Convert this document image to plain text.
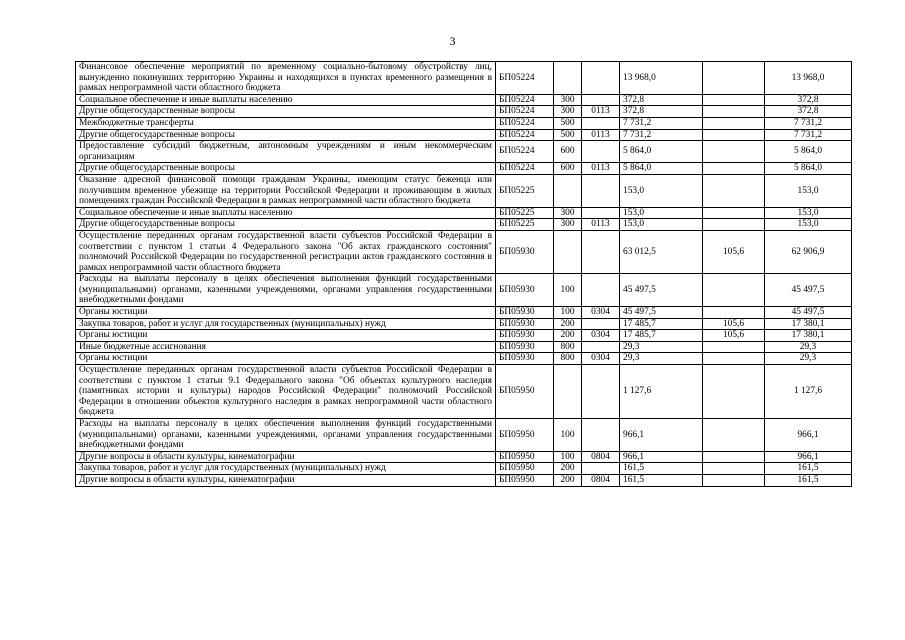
3
Финансовое обеспечение мероприятий по временному социально-бытовому обустройству лиц, вынужденно покинувших территорию Украины и находящихся в пунктах временного размещения в рамках непрограммной части областного бюджета	БП05224			13 968,0		13 968,0
Социальное обеспечение и иные выплаты населению	БП05224	300		372,8		372,8
Другие общегосударственные вопросы	БП05224	300	0113	372,8		372,8
Межбюджетные трансферты	БП05224	500		7 731,2		7 731,2
Другие общегосударственные вопросы	БП05224	500	0113	7 731,2		7 731,2
Предоставление субсидий бюджетным, автономным учреждениям и иным некоммерческим организациям	БП05224	600		5 864,0		5 864,0
Другие общегосударственные вопросы	БП05224	600	0113	5 864,0		5 864,0
Оказание адресной финансовой помощи гражданам Украины, имеющим статус беженца или получившим временное убежище на территории Российской Федерации и проживающим в жилых помещениях граждан Российской Федерации в рамках непрограммной части областного бюджета	БП05225			153,0		153,0
Социальное обеспечение и иные выплаты населению	БП05225	300		153,0		153,0
Другие общегосударственные вопросы	БП05225	300	0113	153,0		153,0
Осуществление переданных органам государственной власти субъектов Российской Федерации в соответствии с пунктом 1 статьи 4 Федерального закона "Об актах гражданского состояния" полномочий Российской Федерации по государственной регистрации актов гражданского состояния в рамках непрограммной части областного бюджета	БП05930			63 012,5	105,6	62 906,9
Расходы на выплаты персоналу в целях обеспечения выполнения функций государственными (муниципальными) органами, казенными учреждениями, органами управления государственными внебюджетными фондами	БП05930	100		45 497,5		45 497,5
Органы юстиции	БП05930	100	0304	45 497,5		45 497,5
Закупка товаров, работ и услуг для государственных (муниципальных) нужд	БП05930	200		17 485,7	105,6	17 380,1
Органы юстиции	БП05930	200	0304	17 485,7	105,6	17 380,1
Иные бюджетные ассигнования	БП05930	800		29,3		29,3
Органы юстиции	БП05930	800	0304	29,3		29,3
Осуществление переданных органам государственной власти субъектов Российской Федерации в соответствии с пунктом 1 статьи 9.1 Федерального закона "Об объектах культурного наследия (памятниках истории и культуры) народов Российской Федерации" полномочий Российской Федерации в отношении объектов культурного наследия в рамках непрограммной части областного бюджета	БП05950			1 127,6		1 127,6
Расходы на выплаты персоналу в целях обеспечения выполнения функций государственными (муниципальными) органами, казенными учреждениями, органами управления государственными внебюджетными фондами	БП05950	100		966,1		966,1
Другие вопросы в области культуры, кинематографии	БП05950	100	0804	966,1		966,1
Закупка товаров, работ и услуг для государственных (муниципальных) нужд	БП05950	200		161,5		161,5
Другие вопросы в области культуры, кинематографии	БП05950	200	0804	161,5		161,5
